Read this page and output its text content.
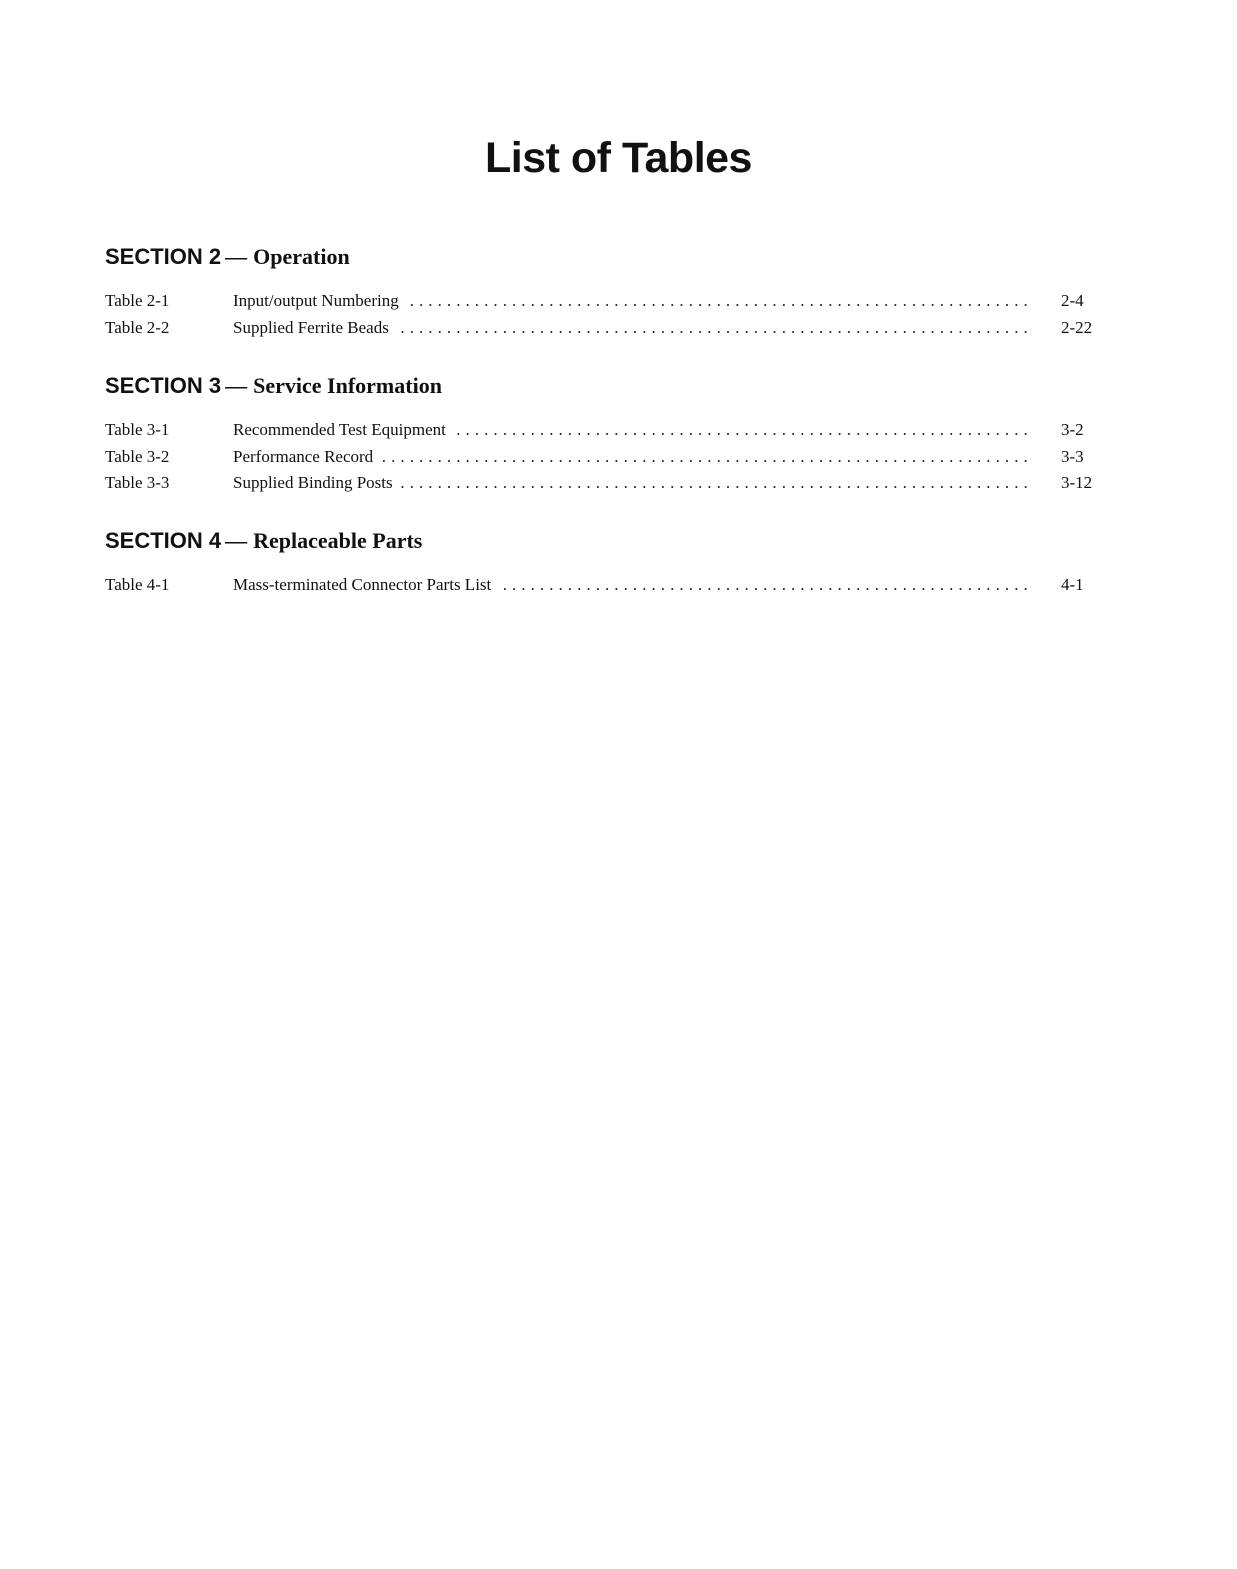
List of Tables
SECTION 2 — Operation
Table 2-1	Input/output Numbering . . .	2-4
Table 2-2	Supplied Ferrite Beads . . .	2-22
SECTION 3 — Service Information
Table 3-1	Recommended Test Equipment . . .	3-2
Table 3-2	Performance Record . . .	3-3
Table 3-3	Supplied Binding Posts . . .	3-12
SECTION 4 — Replaceable Parts
Table 4-1	Mass-terminated Connector Parts List . . .	4-1
